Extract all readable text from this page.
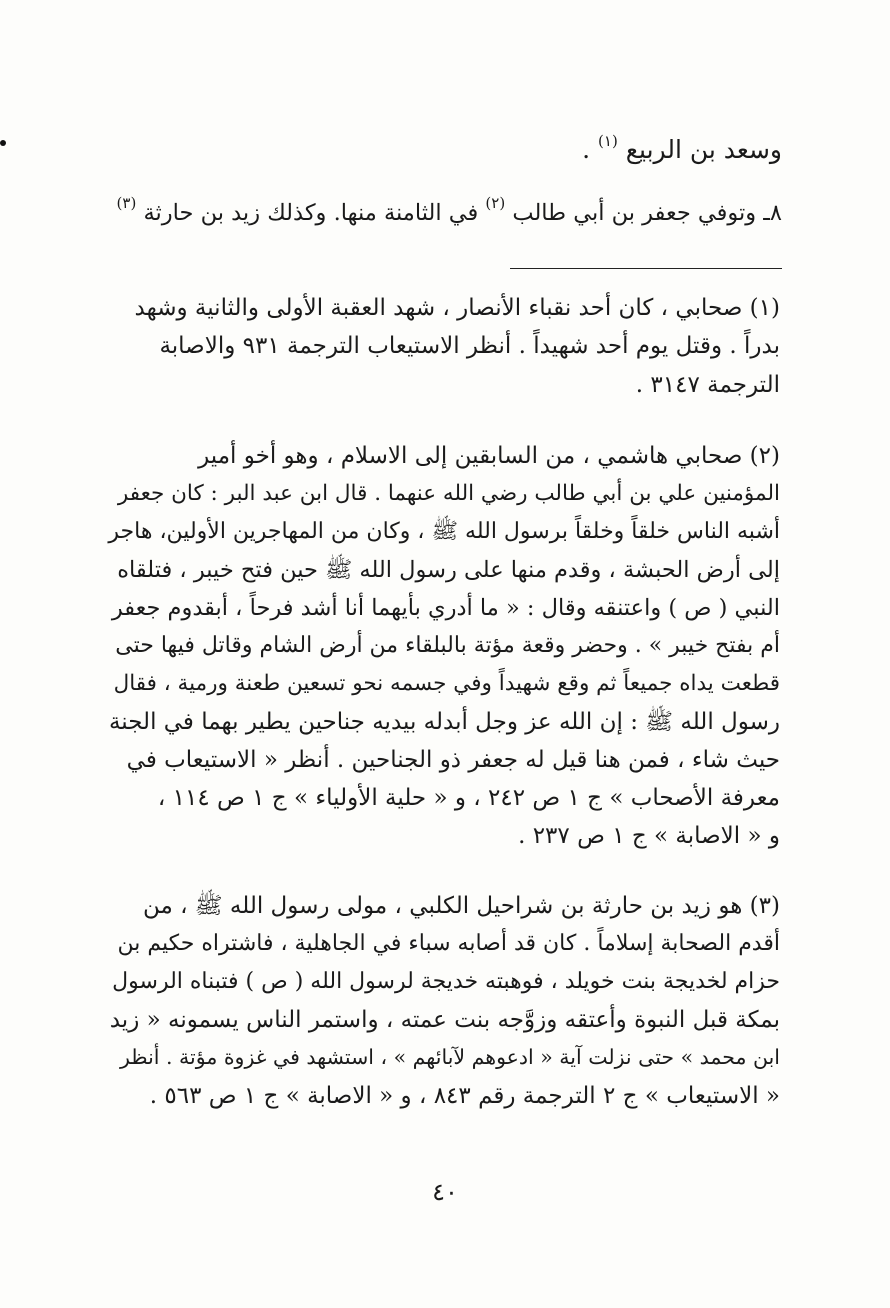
وسعد بن الربيع $^{(١)}$ .
٨ـ وتوفي جعفر بن أبي طالب $^{(٢)}$ في الثامنة منها. وكذلك زيد بن حارثة $^{(٣)}$
(١) صحابي ، كان أحد نقباء الأنصار ، شهد العقبة الأولى والثانية وشهد
بدراً . وقتل يوم أحد شهيداً . أنظر الاستيعاب الترجمة ٩٣١ والاصابة
الترجمة ٣١٤٧ .
(٢) صحابي هاشمي ، من السابقين إلى الاسلام ، وهو أخو أمير
المؤمنين علي بن أبي طالب رضي الله عنهما . قال ابن عبد البر : كان جعفر
أشبه الناس خلقاً وخلقاً برسول الله ﷺ ، وكان من المهاجرين الأولين، هاجر
إلى أرض الحبشة ، وقدم منها على رسول الله ﷺ حين فتح خيبر ، فتلقاه
النبي ( ص ) واعتنقه وقال : « ما أدري بأيهما أنا أشد فرحاً ، أبقدوم جعفر
أم بفتح خيبر » . وحضر وقعة مؤتة بالبلقاء من أرض الشام وقاتل فيها حتى
قطعت يداه جميعاً ثم وقع شهيداً وفي جسمه نحو تسعين طعنة ورمية ، فقال
رسول الله ﷺ : إن الله عز وجل أبدله بيديه جناحين يطير بهما في الجنة
حيث شاء ، فمن هنا قيل له جعفر ذو الجناحين . أنظر « الاستيعاب في
معرفة الأصحاب » ج ١ ص ٢٤٢ ، و « حلية الأولياء » ج ١ ص ١١٤ ،
و « الاصابة » ج ١ ص ٢٣٧ .
(٣) هو زيد بن حارثة بن شراحيل الكلبي ، مولى رسول الله ﷺ ، من
أقدم الصحابة إسلاماً . كان قد أصابه سباء في الجاهلية ، فاشتراه حكيم بن
حزام لخديجة بنت خويلد ، فوهبته خديجة لرسول الله ( ص ) فتبناه الرسول
بمكة قبل النبوة وأعتقه وزوَّجه بنت عمته ، واستمر الناس يسمونه « زيد
ابن محمد » حتى نزلت آية « ادعوهم لآبائهم » ، استشهد في غزوة مؤتة . أنظر
« الاستيعاب » ج ٢ الترجمة رقم ٨٤٣ ، و « الاصابة » ج ١ ص ٥٦٣ .
٤٠
